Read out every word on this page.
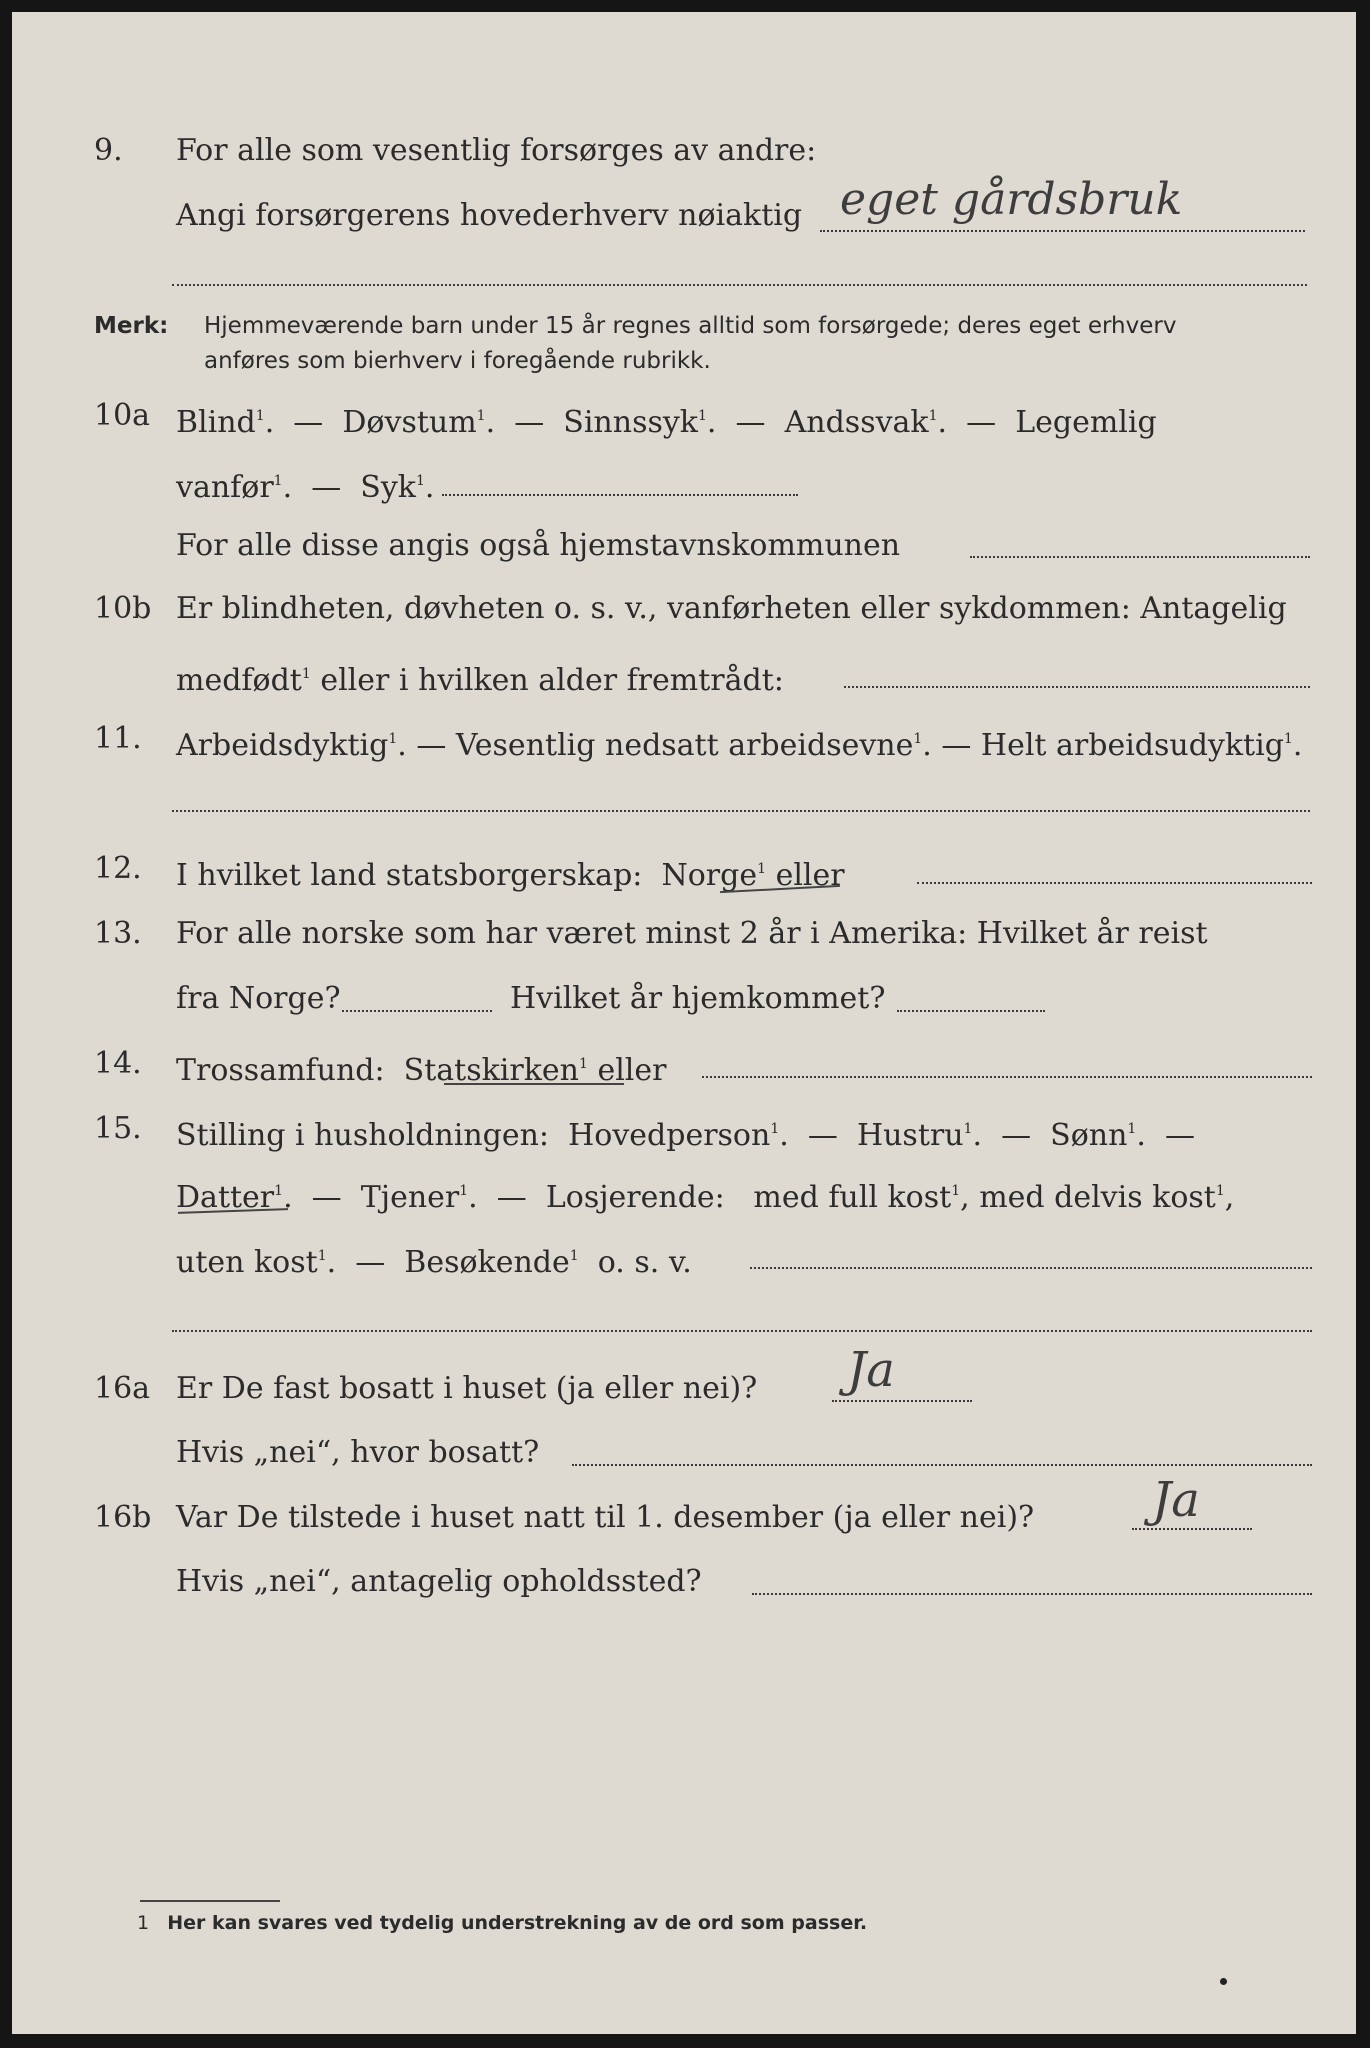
9. For alle som vesentlig forsørges av andre:
Angi forsørgerens hovederhverv nøiaktig eget gårdsbruk
Merk: Hjemmeværende barn under 15 år regnes alltid som forsørgede; deres eget erhverv
anføres som bierhverv i foregående rubrikk.
10a Blind$^1$.  —  Døvstum$^1$.  —  Sinnssyk$^1$.  —  Andssvak$^1$.  —  Legemlig
vanfør$^1$.  —  Syk$^1$.
For alle disse angis også hjemstavnskommunen
10b Er blindheten, døvheten o. s. v., vanførheten eller sykdommen: Antagelig
medfødt$^1$ eller i hvilken alder fremtrådt:
11. Arbeidsdyktig$^1$. — Vesentlig nedsatt arbeidsevne$^1$. — Helt arbeidsudyktig$^1$.
12. I hvilket land statsborgerskap: Norge$^1$ eller
13. For alle norske som har været minst 2 år i Amerika: Hvilket år reist
fra Norge?	Hvilket år hjemkommet?
14. Trossamfund: Statskirken$^1$ eller
15. Stilling i husholdningen: Hovedperson$^1$.  —  Hustru$^1$.  —  Sønn$^1$.  —
Datter$^1$.  —  Tjener$^1$.  —  Losjerende: med full kost$^1$, med delvis kost$^1$,
uten kost$^1$.  —  Besøkende$^1$ o. s. v.
16a Er De fast bosatt i huset (ja eller nei)? Ja
Hvis „nei“, hvor bosatt?
16b Var De tilstede i huset natt til 1. desember (ja eller nei)? Ja
Hvis „nei“, antagelig opholdssted?
1 Her kan svares ved tydelig understrekning av de ord som passer.
